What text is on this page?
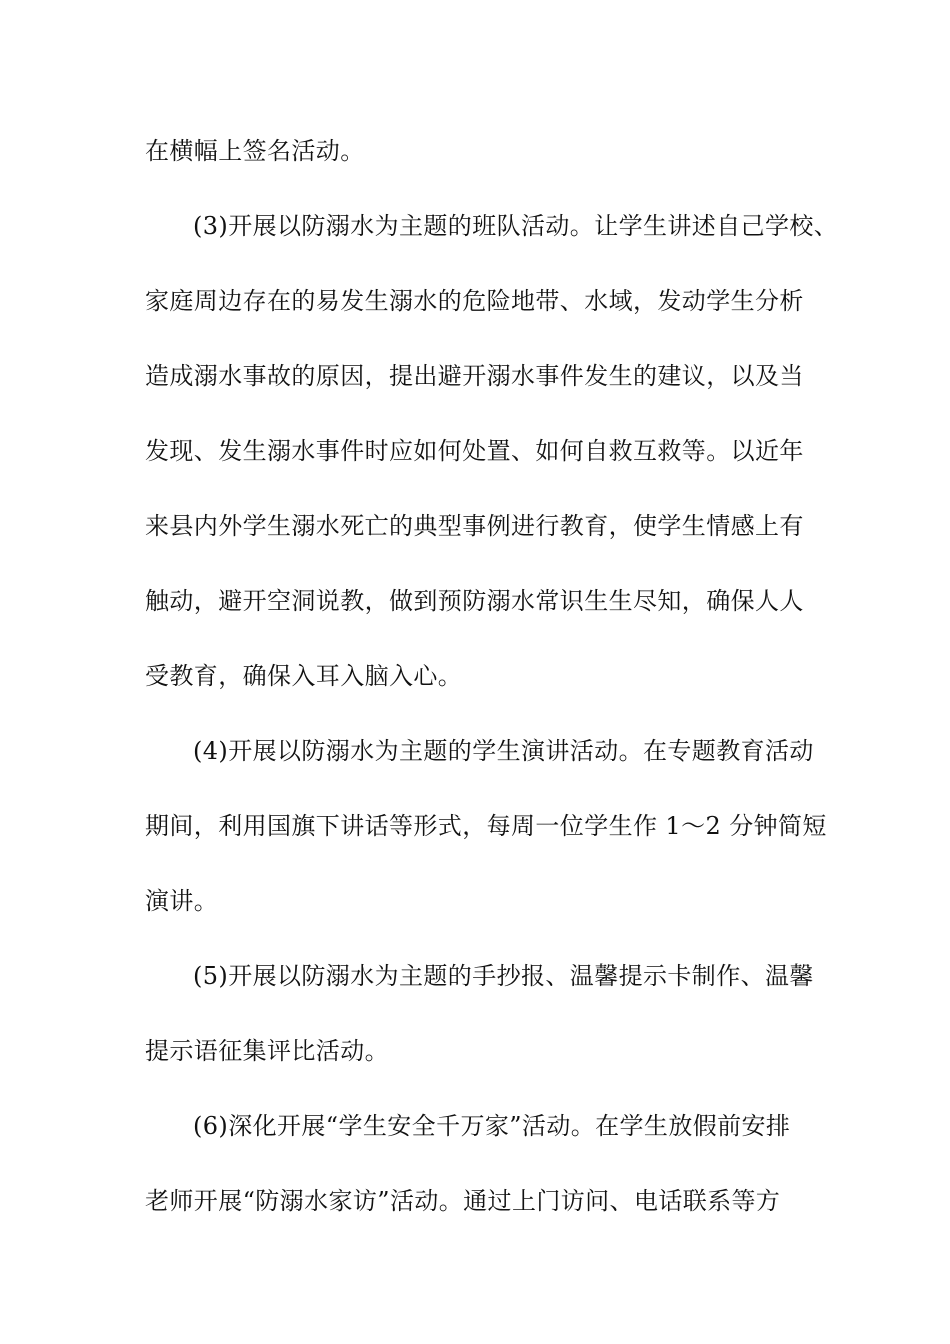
在横幅上签名活动。
(3)开展以防溺水为主题的班队活动。让学生讲述自己学校、
家庭周边存在的易发生溺水的危险地带、水域，发动学生分析
造成溺水事故的原因，提出避开溺水事件发生的建议，以及当
发现、发生溺水事件时应如何处置、如何自救互救等。以近年
来县内外学生溺水死亡的典型事例进行教育，使学生情感上有
触动，避开空洞说教，做到预防溺水常识生生尽知，确保人人
受教育，确保入耳入脑入心。
(4)开展以防溺水为主题的学生演讲活动。在专题教育活动
期间，利用国旗下讲话等形式，每周一位学生作 1～2 分钟简短
演讲。
(5)开展以防溺水为主题的手抄报、温馨提示卡制作、温馨
提示语征集评比活动。
(6)深化开展“学生安全千万家”活动。在学生放假前安排
老师开展“防溺水家访”活动。通过上门访问、电话联系等方
